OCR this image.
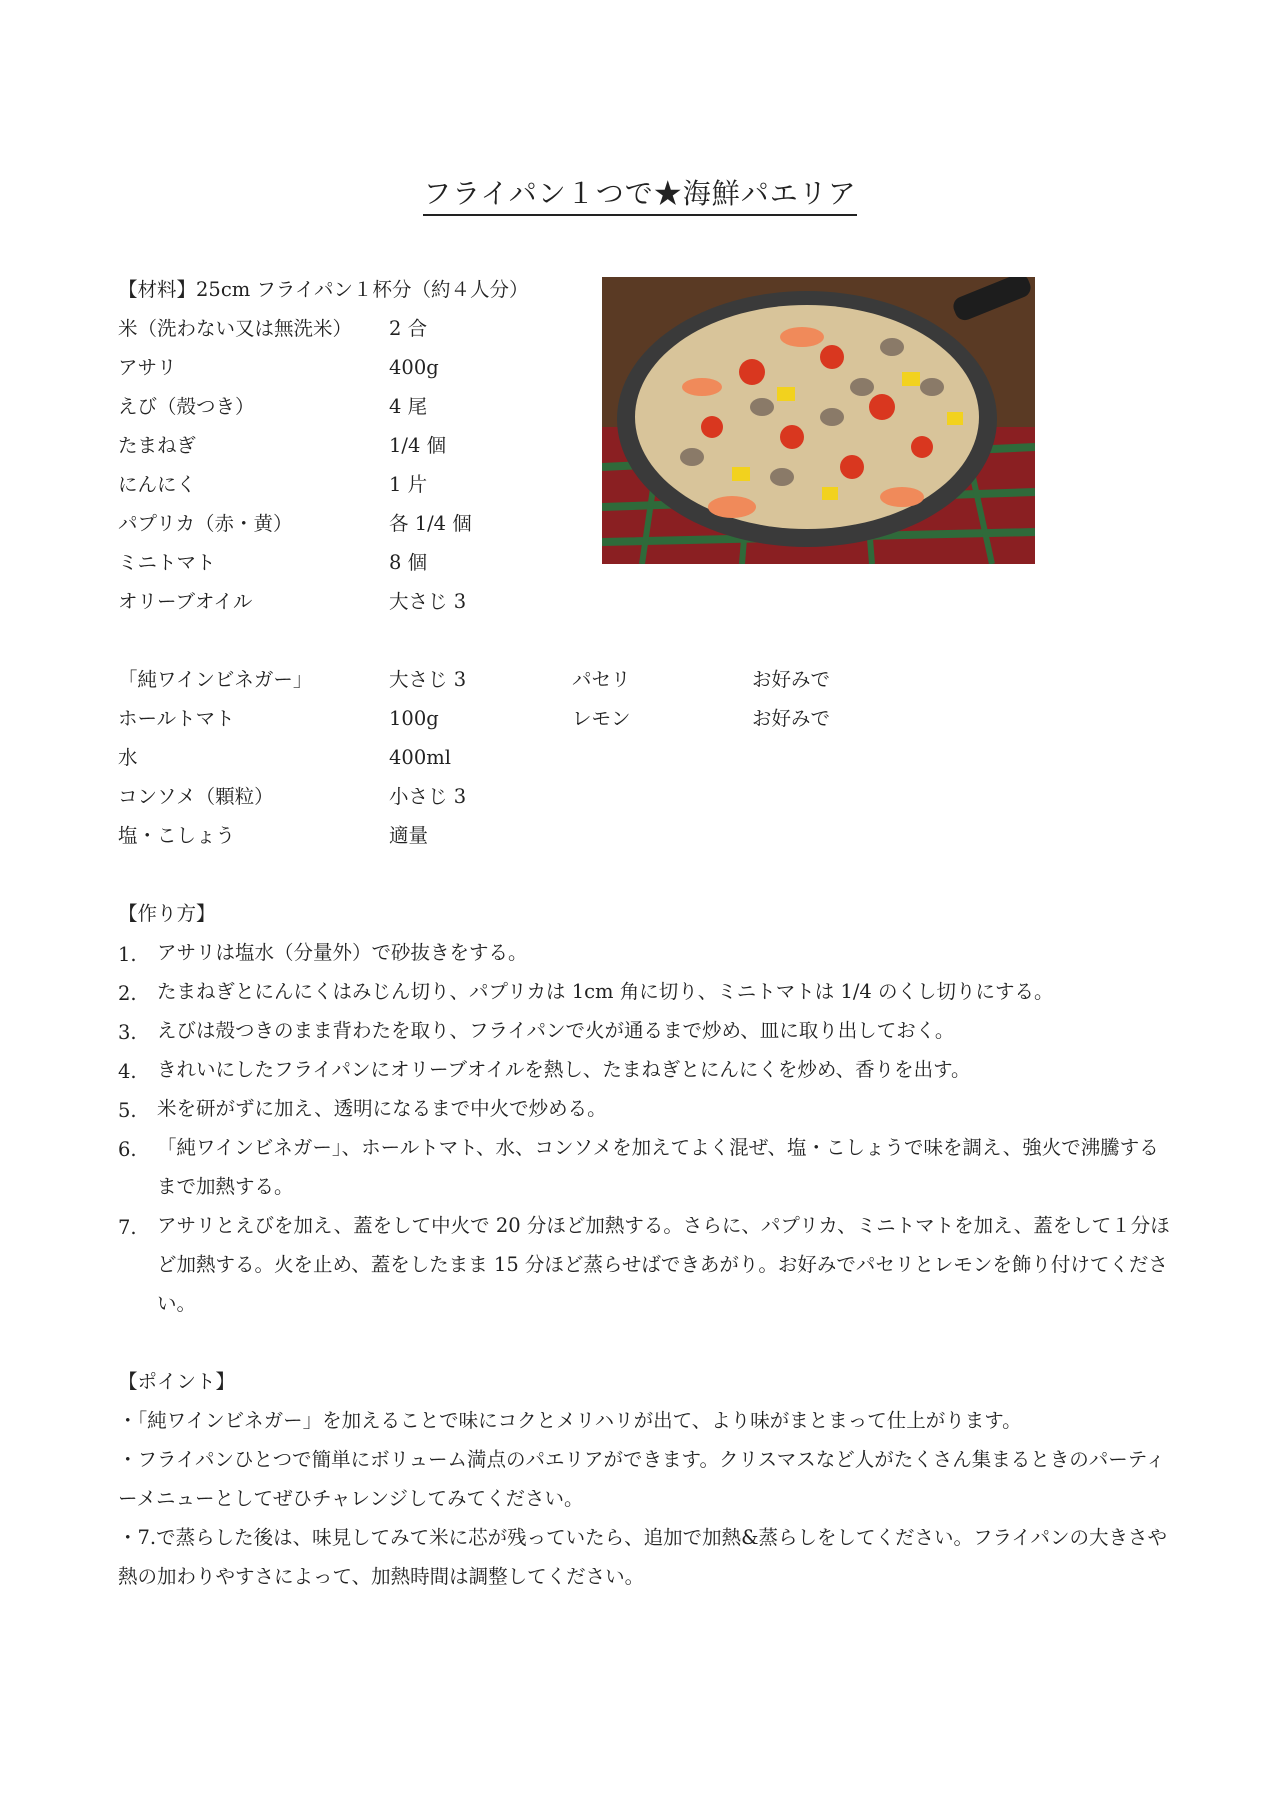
フライパン１つで★海鮮パエリア
【材料】25cm フライパン１杯分（約４人分）
米（洗わない又は無洗米） 2 合
アサリ	400g
えび（殻つき）	4 尾
たまねぎ	1/4 個
にんにく	1 片
パプリカ（赤・黄）	各 1/4 個
ミニトマト	8 個
オリーブオイル	大さじ 3
「純ワインビネガー」	大さじ 3	パセリ	お好みで
ホールトマト	100g	レモン	お好みで
水	400ml
コンソメ（顆粒）	小さじ 3
塩・こしょう	適量
【作り方】
1. アサリは塩水（分量外）で砂抜きをする。
2. たまねぎとにんにくはみじん切り、パプリカは 1cm 角に切り、ミニトマトは 1/4 のくし切りにする。
3. えびは殻つきのまま背わたを取り、フライパンで火が通るまで炒め、皿に取り出しておく。
4. きれいにしたフライパンにオリーブオイルを熱し、たまねぎとにんにくを炒め、香りを出す。
5. 米を研がずに加え、透明になるまで中火で炒める。
6. 「純ワインビネガー」、ホールトマト、水、コンソメを加えてよく混ぜ、塩・こしょうで味を調え、強火で沸騰するまで加熱する。
7. アサリとえびを加え、蓋をして中火で 20 分ほど加熱する。さらに、パプリカ、ミニトマトを加え、蓋をして１分ほど加熱する。火を止め、蓋をしたまま 15 分ほど蒸らせばできあがり。お好みでパセリとレモンを飾り付けてください。
【ポイント】
・「純ワインビネガー」を加えることで味にコクとメリハリが出て、より味がまとまって仕上がります。
・フライパンひとつで簡単にボリューム満点のパエリアができます。クリスマスなど人がたくさん集まるときのパーティーメニューとしてぜひチャレンジしてみてください。
・7.で蒸らした後は、味見してみて米に芯が残っていたら、追加で加熱&蒸らしをしてください。フライパンの大きさや熱の加わりやすさによって、加熱時間は調整してください。
